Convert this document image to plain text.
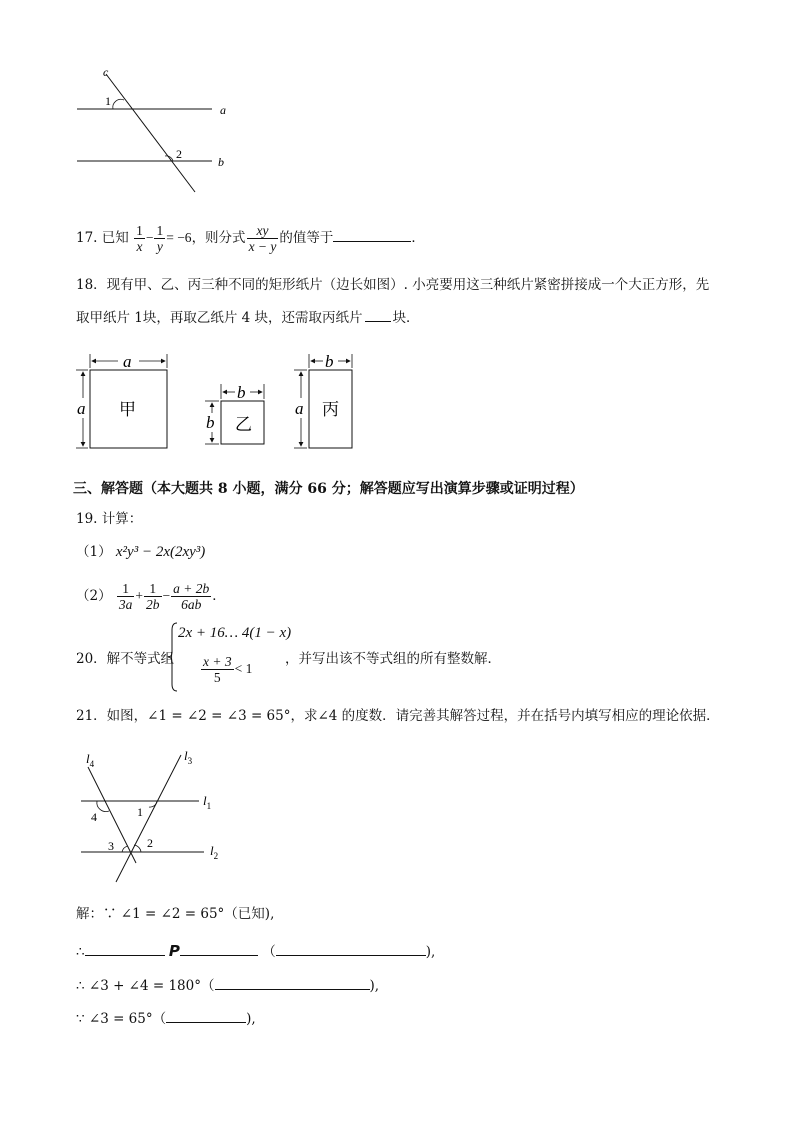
c
1
2
a
b
17. 已知 $\frac{1}{x} - \frac{1}{y} = -6$，则分式 $\frac{xy}{x - y}$ 的值等于	．
18．现有甲、乙、丙三种不同的矩形纸片（边长如图）. 小亮要用这三种纸片紧密拼接成一个大正方形，先
取甲纸片 1块，再取乙纸片 4 块，还需取丙纸片 块．
a
a 甲
b
b 乙
b
a 丙
三、解答题（本大题共 8 小题，满分 66 分；解答题应写出演算步骤或证明过程）
19. 计算：
（1） x²y³ − 2x(2xy³)
$(2) \frac{1}{3a} + \frac{1}{2b} - \frac{a + 2b}{6ab}$ ．
20．解不等式组
2x + 16… 4(1 − x)
$\frac{x + 3}{5} < 1$
，并写出该不等式组的所有整数解．
21．如图，∠1 = ∠2 = ∠3 = 65°，求∠4 的度数．请完善其解答过程，并在括号内填写相应的理论依据．
$l_4$
$l_3$
$l_1$
$l_2$
4	1
3	2
解：∵ ∠1 = ∠2 = 65°（已知),
∴	P	（	),
∴ ∠3 + ∠4 = 180°（	),
∵ ∠3 = 65°（	),
